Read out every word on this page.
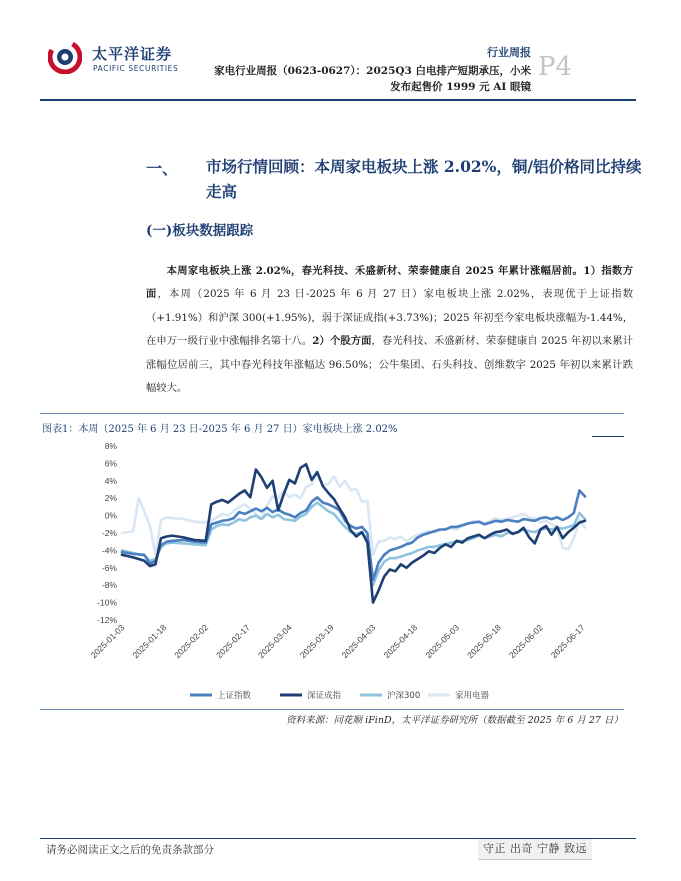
太平洋证券
PACIFIC SECURITIES
行业周报
家电行业周报（0623-0627）：2025Q3 白电排产短期承压，小米
发布起售价 1999 元 AI 眼镜
P4
一、 市场行情回顾：本周家电板块上涨 2.02%，铜/铝价格同比持续走高
(一)板块数据跟踪

本周家电板块上涨 2.02%，春光科技、禾盛新材、荣泰健康自 2025 年累计涨幅居前。1）指数方面，本周（2025 年 6 月 23 日-2025 年 6 月 27 日）家电板块上涨 2.02%，表现优于上证指数（+1.91%）和沪深 300(+1.95%)，弱于深证成指(+3.73%)；2025 年初至今家电板块涨幅为-1.44%，在申万一级行业中涨幅排名第十八。2）个股方面，春光科技、禾盛新材、荣泰健康自 2025 年初以来累计涨幅位居前三，其中春光科技年涨幅达 96.50%；公牛集团、石头科技、创维数字 2025 年初以来累计跌幅较大。

图表1：本周（2025 年 6 月 23 日-2025 年 6 月 27 日）家电板块上涨 2.02%
8%
6%
4%
2%
0%
-2%
-4%
-6%
-8%
-10%
-12%
2025-01-03 2025-01-18 2025-02-02 2025-02-17 2025-03-04 2025-03-19 2025-04-03 2025-04-18 2025-05-03 2025-05-18 2025-06-02 2025-06-17
上证指数	深证成指	沪深300	家用电器
资料来源：同花顺 iFinD，太平洋证券研究所（数据截至 2025 年 6 月 27 日）
请务必阅读正文之后的免责条款部分	守正 出奇 宁静 致远
